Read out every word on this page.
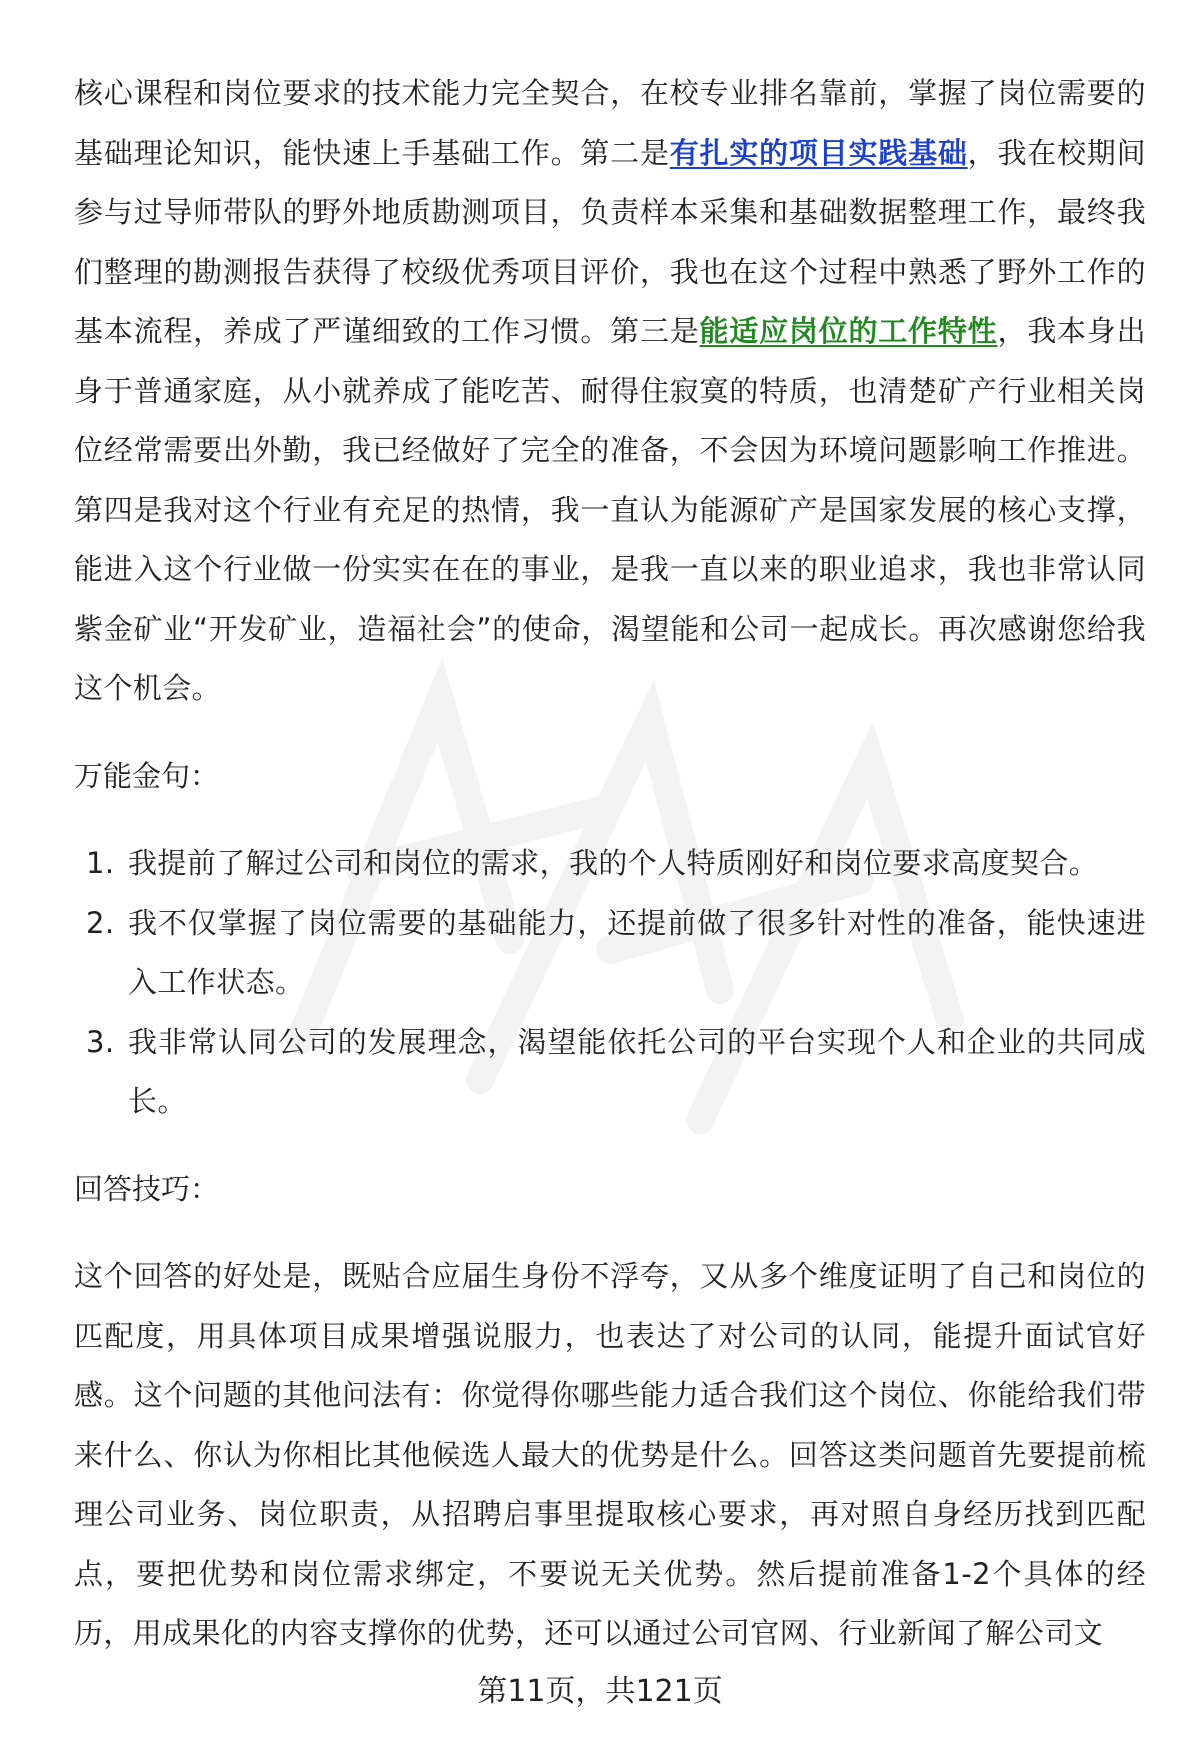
核心课程和岗位要求的技术能力完全契合，在校专业排名靠前，掌握了岗位需要的基础理论知识，能快速上手基础工作。第二是有扎实的项目实践基础，我在校期间参与过导师带队的野外地质勘测项目，负责样本采集和基础数据整理工作，最终我们整理的勘测报告获得了校级优秀项目评价，我也在这个过程中熟悉了野外工作的基本流程，养成了严谨细致的工作习惯。第三是能适应岗位的工作特性，我本身出身于普通家庭，从小就养成了能吃苦、耐得住寂寞的特质，也清楚矿产行业相关岗位经常需要出外勤，我已经做好了完全的准备，不会因为环境问题影响工作推进。第四是我对这个行业有充足的热情，我一直认为能源矿产是国家发展的核心支撑，能进入这个行业做一份实实在在的事业，是我一直以来的职业追求，我也非常认同紫金矿业“开发矿业，造福社会”的使命，渴望能和公司一起成长。再次感谢您给我这个机会。

万能金句：

1. 我提前了解过公司和岗位的需求，我的个人特质刚好和岗位要求高度契合。
2. 我不仅掌握了岗位需要的基础能力，还提前做了很多针对性的准备，能快速进入工作状态。
3. 我非常认同公司的发展理念，渴望能依托公司的平台实现个人和企业的共同成长。

回答技巧：

这个回答的好处是，既贴合应届生身份不浮夸，又从多个维度证明了自己和岗位的匹配度，用具体项目成果增强说服力，也表达了对公司的认同，能提升面试官好感。这个问题的其他问法有：你觉得你哪些能力适合我们这个岗位、你能给我们带来什么、你认为你相比其他候选人最大的优势是什么。回答这类问题首先要提前梳理公司业务、岗位职责，从招聘启事里提取核心要求，再对照自身经历找到匹配点，要把优势和岗位需求绑定，不要说无关优势。然后提前准备1-2个具体的经历，用成果化的内容支撑你的优势，还可以通过公司官网、行业新闻了解公司文

第11页，共121页
